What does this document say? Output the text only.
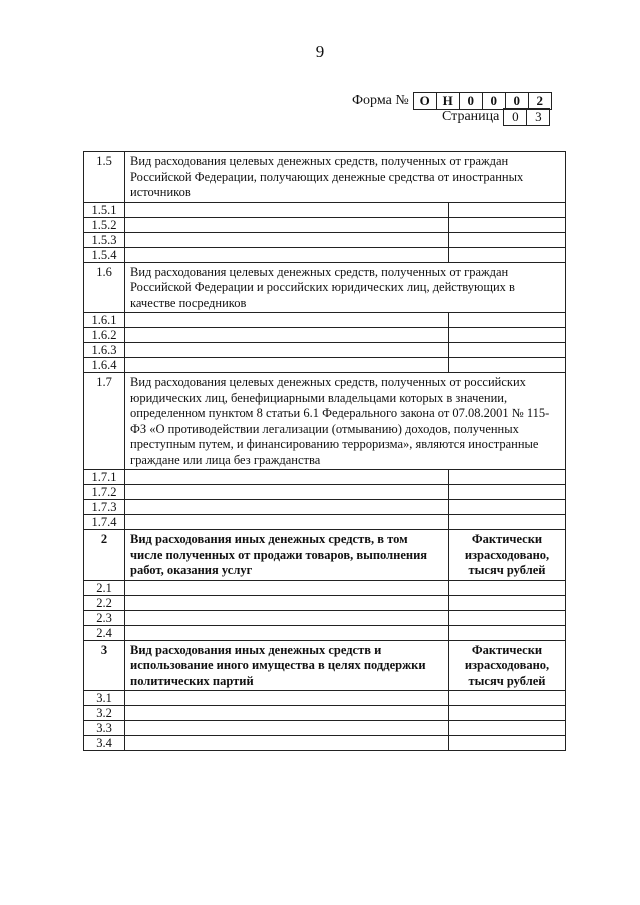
9
Форма № О Н	0	0	0	2
Страница 0	3
1.5	Вид расходования целевых денежных средств, полученных от граждан Российской Федерации, получающих денежные средства от иностранных источников	
1.5.1		
1.5.2		
1.5.3		
1.5.4		
1.6	Вид расходования целевых денежных средств, полученных от граждан Российской Федерации и российских юридических лиц, действующих в качестве посредников	
1.6.1		
1.6.2		
1.6.3		
1.6.4		
1.7	Вид расходования целевых денежных средств, полученных от российских юридических лиц, бенефициарными владельцами которых в значении, определенном пунктом 8 статьи 6.1 Федерального закона от 07.08.2001 № 115-ФЗ «О противодействии легализации (отмыванию) доходов, полученных преступным путем, и финансированию терроризма», являются иностранные граждане или лица без гражданства	
1.7.1		
1.7.2		
1.7.3		
1.7.4		
2	Вид расходования иных денежных средств, в том числе полученных от продажи товаров, выполнения работ, оказания услуг	Фактически израсходовано, тысяч рублей
2.1		
2.2		
2.3		
2.4		
3	Вид расходования иных денежных средств и использование иного имущества в целях поддержки политических партий	Фактически израсходовано, тысяч рублей
3.1		
3.2		
3.3		
3.4		
